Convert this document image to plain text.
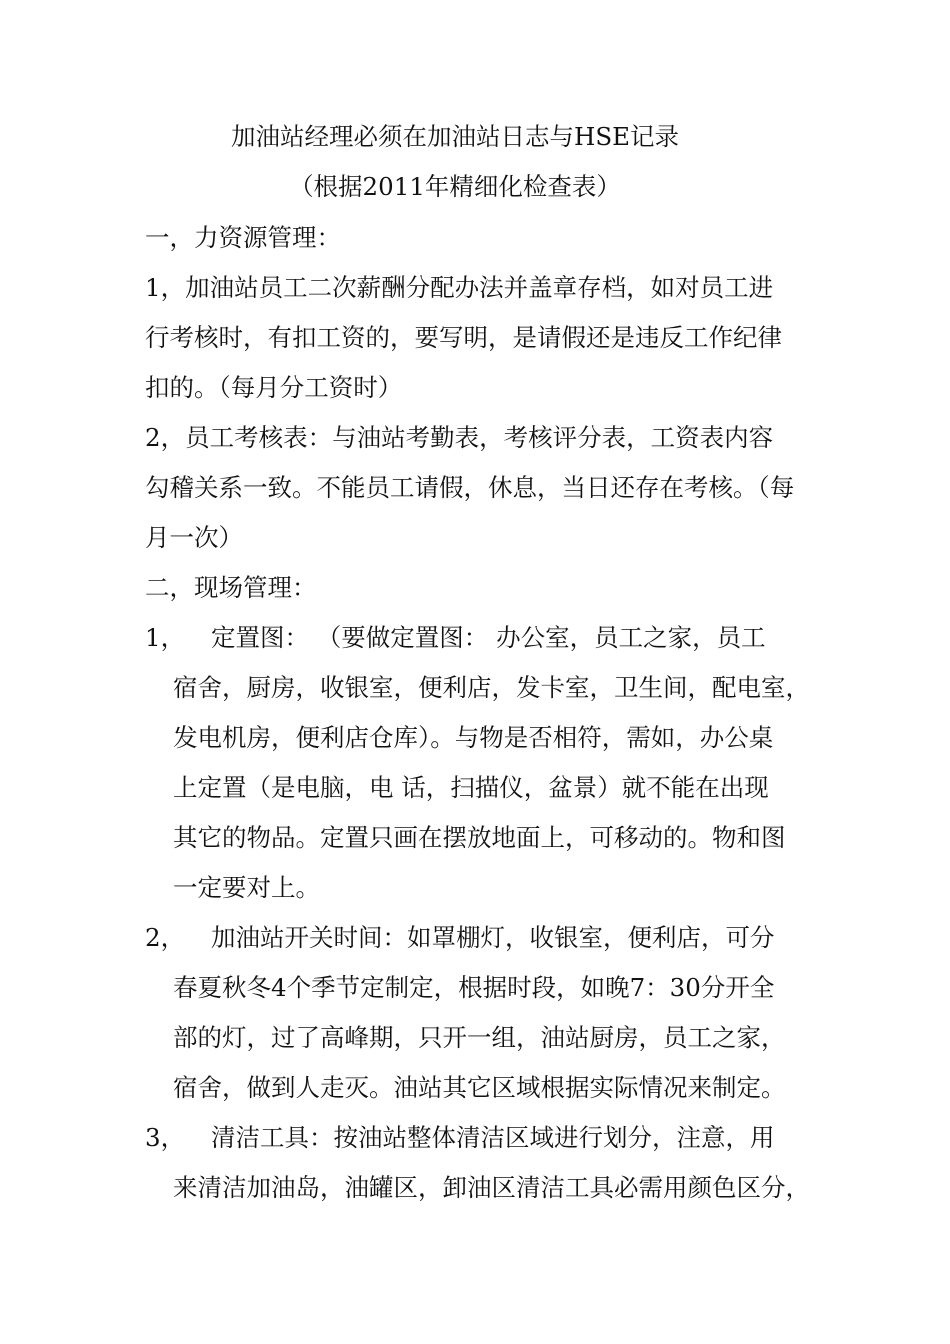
加油站经理必须在加油站日志与HSE记录
（根据2011年精细化检查表）
一，力资源管理：
1，加油站员工二次薪酬分配办法并盖章存档，如对员工进
行考核时，有扣工资的，要写明，是请假还是违反工作纪律
扣的。（每月分工资时）
2，员工考核表：与油站考勤表，考核评分表，工资表内容
勾稽关系一致。不能员工请假，休息，当日还存在考核。（每
月一次）
二，现场管理：
1， 定置图： （要做定置图： 办公室，员工之家，员工
宿舍，厨房，收银室，便利店，发卡室，卫生间，配电室，
发电机房，便利店仓库）。与物是否相符，需如，办公桌
上定置（是电脑，电 话，扫描仪，盆景）就不能在出现
其它的物品。定置只画在摆放地面上，可移动的。物和图
一定要对上。
2， 加油站开关时间：如罩棚灯，收银室，便利店，可分
春夏秋冬4个季节定制定，根据时段，如晚7：30分开全
部的灯，过了高峰期，只开一组，油站厨房，员工之家，
宿舍，做到人走灭。油站其它区域根据实际情况来制定。
3， 清洁工具：按油站整体清洁区域进行划分，注意，用
来清洁加油岛，油罐区，卸油区清洁工具必需用颜色区分，
